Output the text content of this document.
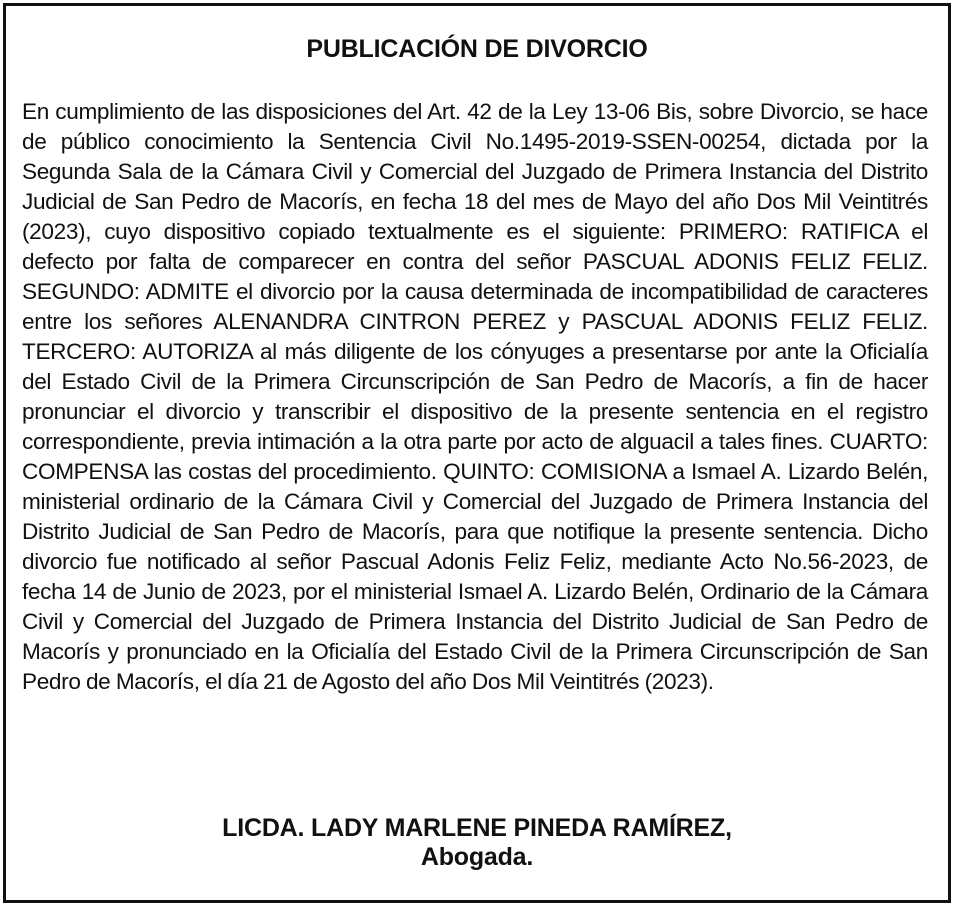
PUBLICACIÓN DE DIVORCIO

En cumplimiento de las disposiciones del Art. 42 de la Ley 13-06 Bis, sobre Divorcio, se hace de público conocimiento la Sentencia Civil No.1495-2019-SSEN-00254, dictada por la Segunda Sala de la Cámara Civil y Comercial del Juzgado de Primera Instancia del Distrito Judicial de San Pedro de Macorís, en fecha 18 del mes de Mayo del año Dos Mil Veintitrés (2023), cuyo dispositivo copiado textualmente es el siguiente: PRIMERO: RATIFICA el defecto por falta de comparecer en contra del señor PASCUAL ADONIS FELIZ FELIZ. SEGUNDO: ADMITE el divorcio por la causa determinada de incompatibilidad de caracteres entre los señores ALENANDRA CINTRON PEREZ y PASCUAL ADONIS FELIZ FELIZ. TERCERO: AUTORIZA al más diligente de los cónyuges a presentarse por ante la Oficialía del Estado Civil de la Primera Circunscripción de San Pedro de Macorís, a fin de hacer pronunciar el divorcio y transcribir el dispositivo de la presente sentencia en el registro correspondiente, previa intimación a la otra parte por acto de alguacil a tales fines. CUARTO: COMPENSA las costas del procedimiento. QUINTO: COMISIONA a Ismael A. Lizardo Belén, ministerial ordinario de la Cámara Civil y Comercial del Juzgado de Primera Instancia del Distrito Judicial de San Pedro de Macorís, para que notifique la presente sentencia. Dicho divorcio fue notificado al señor Pascual Adonis Feliz Feliz, mediante Acto No.56-2023, de fecha 14 de Junio de 2023, por el ministerial Ismael A. Lizardo Belén, Ordinario de la Cámara Civil y Comercial del Juzgado de Primera Instancia del Distrito Judicial de San Pedro de Macorís y pronunciado en la Oficialía del Estado Civil de la Primera Circunscripción de San Pedro de Macorís, el día 21 de Agosto del año Dos Mil Veintitrés (2023).

LICDA. LADY MARLENE PINEDA RAMÍREZ,
Abogada.
